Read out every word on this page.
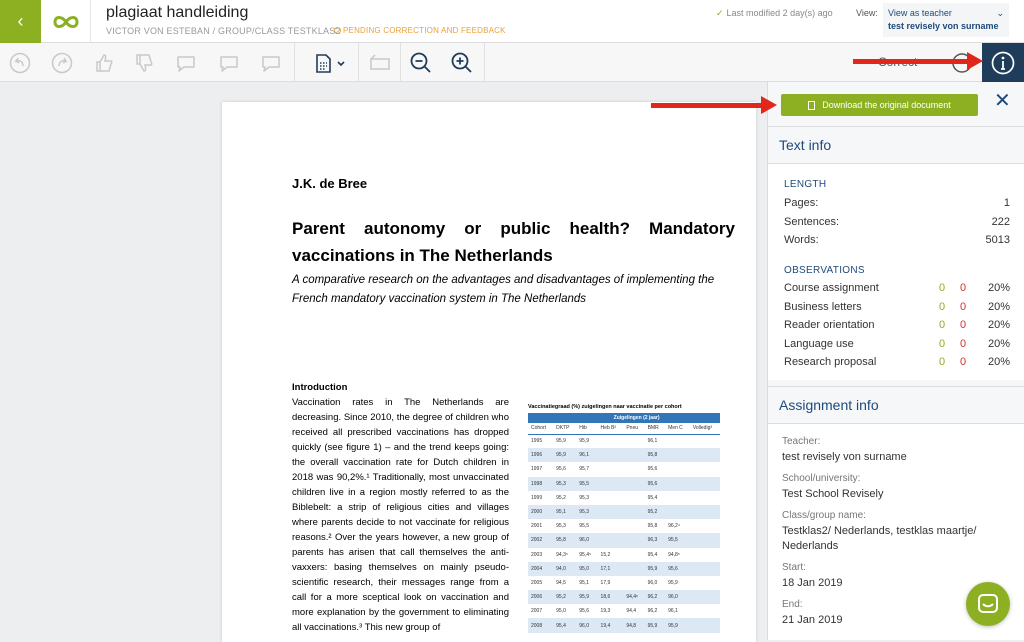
‹	plagiaat handleiding
VICTOR VON ESTEBAN / GROUP/CLASS TESTKLAS2 PENDING CORRECTION AND FEEDBACK
✓ Last modified 2 day(s) ago	View: View as teacher
test revisely von surname
⌄
J.K. de Bree
Parent autonomy or public health? Mandatory vaccinations in The Netherlands
A comparative research on the advantages and disadvantages of implementing the French mandatory vaccination system in The Netherlands
Introduction
Vaccination rates in The Netherlands are decreasing. Since 2010, the degree of children who received all prescribed vaccinations has dropped quickly (see figure 1) – and the trend keeps going: the overall vaccination rate for Dutch children in 2018 was 90,2%.¹ Traditionally, most unvaccinated children live in a region mostly referred to as the Biblebelt: a strip of religious cities and villages where parents decide to not vaccinate for religious reasons.² Over the years however, a new group of parents has arisen that call themselves the anti-vaxxers: basing themselves on mainly pseudo-scientific research, their messages range from a call for a more sceptical look on vaccination and more explanation by the government to eliminating all vaccinations.³ This new group of
Vaccinatiegraad (%) zuigelingen naar vaccinatie per cohort
	Zuigelingen (2 jaar)						
Cohort	DKTP	Hib	Heb B²	Pneu	BMR	Men C	Volledig³
1995	95,9	95,9			96,1		
1996	95,9	96,1			95,8		
1997	95,6	95,7			95,6		
1998	95,3	95,5			95,6		
1999	95,2	95,3			95,4		
2000	95,1	95,3			95,2		
2001	95,3	95,5			95,8	96,2⁴	
2002	95,8	96,0			96,3	95,5	
2003	94,3⁵	95,4⁵	15,2		95,4	94,8⁵	
2004	94,0	95,0	17,1		95,9	95,6	
2005	94,5	95,1	17,9		96,0	95,9	
2006	95,2	95,9	18,6	94,4⁶	96,2	96,0	
2007	95,0	95,6	19,3	94,4	96,2	96,1	
2008	95,4	96,0	19,4	94,8	95,9	95,9	
Download the original document ✕
Text info
LENGTH
Pages:	1
Sentences:	222
Words:	5013
OBSERVATIONS
Course assignment	0 0 20%
Business letters	0 0 20%
Reader orientation	0 0 20%
Language use	0 0 20%
Research proposal	0 0 20%
Assignment info
Teacher:
test revisely von surname
School/university:
Test School Revisely
Class/group name:
Testklas2/ Nederlands, testklas maartje/ Nederlands
Start:
18 Jan 2019
End:
21 Jan 2019
